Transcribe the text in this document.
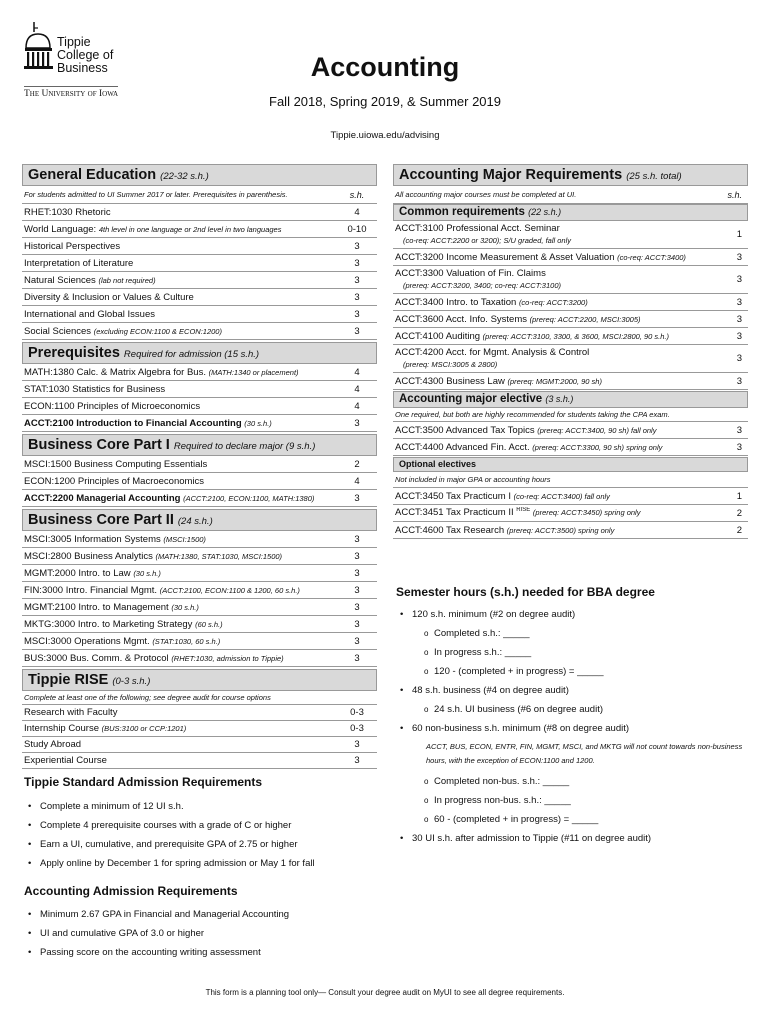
Tippie
College of
Business
The University of Iowa
Accounting
Fall 2018, Spring 2019, & Summer 2019
Tippie.uiowa.edu/advising
General Education (22-32 s.h.)
For students admitted to UI Summer 2017 or later. Prerequisites in parenthesis.	s.h.
RHET:1030 Rhetoric	4
World Language: 4th level in one language or 2nd level in two languages	0-10
Historical Perspectives	3
Interpretation of Literature	3
Natural Sciences (lab not required)	3
Diversity & Inclusion or Values & Culture	3
International and Global Issues	3
Social Sciences (excluding ECON:1100 & ECON:1200)	3
Prerequisites Required for admission (15 s.h.)
MATH:1380 Calc. & Matrix Algebra for Bus. (MATH:1340 or placement)	4
STAT:1030 Statistics for Business	4
ECON:1100 Principles of Microeconomics	4
ACCT:2100 Introduction to Financial Accounting (30 s.h.)	3
Business Core Part I Required to declare major (9 s.h.)
MSCI:1500 Business Computing Essentials	2
ECON:1200 Principles of Macroeconomics	4
ACCT:2200 Managerial Accounting (ACCT:2100, ECON:1100, MATH:1380)	3
Business Core Part II (24 s.h.)
MSCI:3005 Information Systems (MSCI:1500)	3
MSCI:2800 Business Analytics (MATH:1380, STAT:1030, MSCI:1500)	3
MGMT:2000 Intro. to Law (30 s.h.)	3
FIN:3000 Intro. Financial Mgmt. (ACCT:2100, ECON:1100 & 1200, 60 s.h.)	3
MGMT:2100 Intro. to Management (30 s.h.)	3
MKTG:3000 Intro. to Marketing Strategy (60 s.h.)	3
MSCI:3000 Operations Mgmt. (STAT:1030, 60 s.h.)	3
BUS:3000 Bus. Comm. & Protocol (RHET:1030, admission to Tippie)	3
Tippie RISE (0-3 s.h.)
Complete at least one of the following; see degree audit for course options
Research with Faculty	0-3
Internship Course (BUS:3100 or CCP:1201)	0-3
Study Abroad	3
Experiential Course	3
Tippie Standard Admission Requirements
• Complete a minimum of 12 UI s.h.
• Complete 4 prerequisite courses with a grade of C or higher
• Earn a UI, cumulative, and prerequisite GPA of 2.75 or higher
• Apply online by December 1 for spring admission or May 1 for fall
Accounting Admission Requirements
• Minimum 2.67 GPA in Financial and Managerial Accounting
• UI and cumulative GPA of 3.0 or higher
• Passing score on the accounting writing assessment
Accounting Major Requirements (25 s.h. total)
All accounting major courses must be completed at UI.	s.h.
Common requirements (22 s.h.)
ACCT:3100 Professional Acct. Seminar
(co-req: ACCT:2200 or 3200); S/U graded, fall only	1
ACCT:3200 Income Measurement & Asset Valuation (co-req: ACCT:3400)	3
ACCT:3300 Valuation of Fin. Claims
(prereq: ACCT:3200, 3400; co-req: ACCT:3100)	3
ACCT:3400 Intro. to Taxation (co-req: ACCT:3200)	3
ACCT:3600 Acct. Info. Systems (prereq: ACCT:2200, MSCI:3005)	3
ACCT:4100 Auditing (prereq: ACCT:3100, 3300, & 3600, MSCI:2800, 90 s.h.)	3
ACCT:4200 Acct. for Mgmt. Analysis & Control
(prereq: MSCI:3005 & 2800)	3
ACCT:4300 Business Law (prereq: MGMT:2000, 90 sh)	3
Accounting major elective (3 s.h.)
One required, but both are highly recommended for students taking the CPA exam.
ACCT:3500 Advanced Tax Topics (prereq: ACCT:3400, 90 sh) fall only	3
ACCT:4400 Advanced Fin. Acct. (prereq: ACCT:3300, 90 sh) spring only	3
Optional electives
Not included in major GPA or accounting hours
ACCT:3450 Tax Practicum I (co-req: ACCT:3400) fall only	1
ACCT:3451 Tax Practicum II $^{RISE}$ (prereq: ACCT:3450) spring only	2
ACCT:4600 Tax Research (prereq: ACCT:3500) spring only	2
Semester hours (s.h.) needed for BBA degree
• 120 s.h. minimum (#2 on degree audit)
o Completed s.h.: _____
o In progress s.h.: _____
o 120 - (completed + in progress) = _____
• 48 s.h. business (#4 on degree audit)
o 24 s.h. UI business (#6 on degree audit)
• 60 non-business s.h. minimum (#8 on degree audit)
ACCT, BUS, ECON, ENTR, FIN, MGMT, MSCI, and MKTG will not count towards non-business hours, with the exception of ECON:1100 and 1200.
o Completed non-bus. s.h.: _____
o In progress non-bus. s.h.: _____
o 60 - (completed + in progress) = _____
• 30 UI s.h. after admission to Tippie (#11 on degree audit)
This form is a planning tool only— Consult your degree audit on MyUI to see all degree requirements.
